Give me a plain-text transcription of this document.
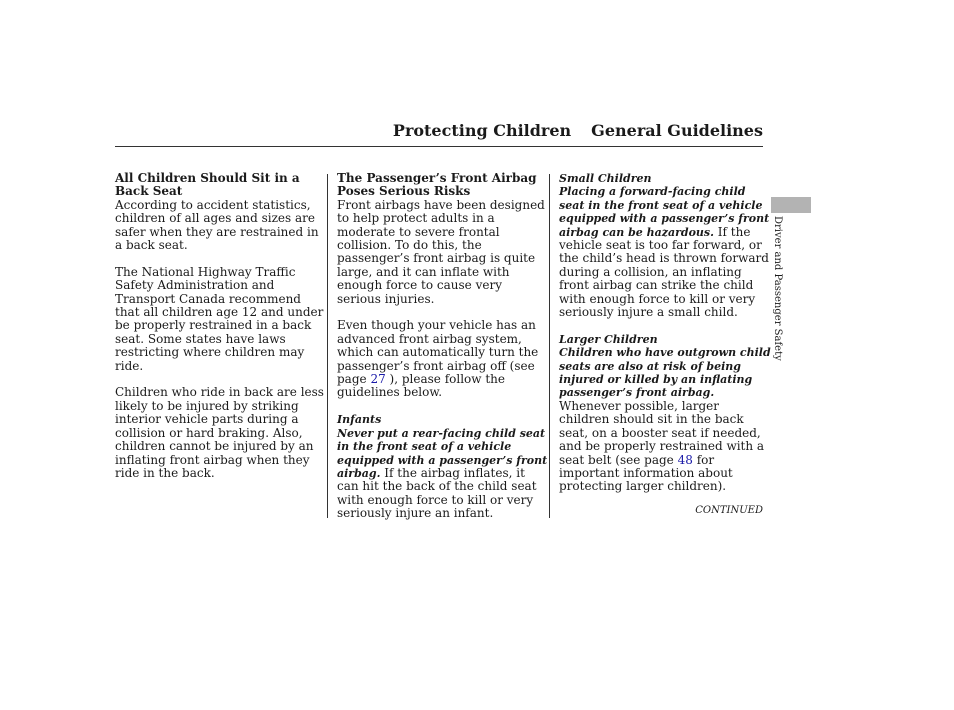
Protecting Children General Guidelines
All Children Should Sit in a Back Seat

According to accident statistics, children of all ages and sizes are safer when they are restrained in a back seat.

The National Highway Traffic Safety Administration and Transport Canada recommend that all children age 12 and under be properly restrained in a back seat. Some states have laws restricting where children may ride.

Children who ride in back are less likely to be injured by striking interior vehicle parts during a collision or hard braking. Also, children cannot be injured by an inflating front airbag when they ride in the back.

The Passenger’s Front Airbag Poses Serious Risks

Front airbags have been designed to help protect adults in a moderate to severe frontal collision. To do this, the passenger’s front airbag is quite large, and it can inflate with enough force to cause very serious injuries.

Even though your vehicle has an advanced front airbag system, which can automatically turn the passenger’s front airbag off (see page 27 ), please follow the guidelines below.

Infants
Never put a rear-facing child seat in the front seat of a vehicle equipped with a passenger’s front airbag. If the airbag inflates, it can hit the back of the child seat with enough force to kill or very seriously injure an infant.
Small Children
Placing a forward-facing child seat in the front seat of a vehicle equipped with a passenger’s front airbag can be hazardous. If the vehicle seat is too far forward, or the child’s head is thrown forward during a collision, an inflating front airbag can strike the child with enough force to kill or very seriously injure a small child.
Larger Children
Children who have outgrown child seats are also at risk of being injured or killed by an inflating passenger’s front airbag. Whenever possible, larger children should sit in the back seat, on a booster seat if needed, and be properly restrained with a seat belt (see page 48 for important information about protecting larger children).
CONTINUED
Driver and Passenger Safety
